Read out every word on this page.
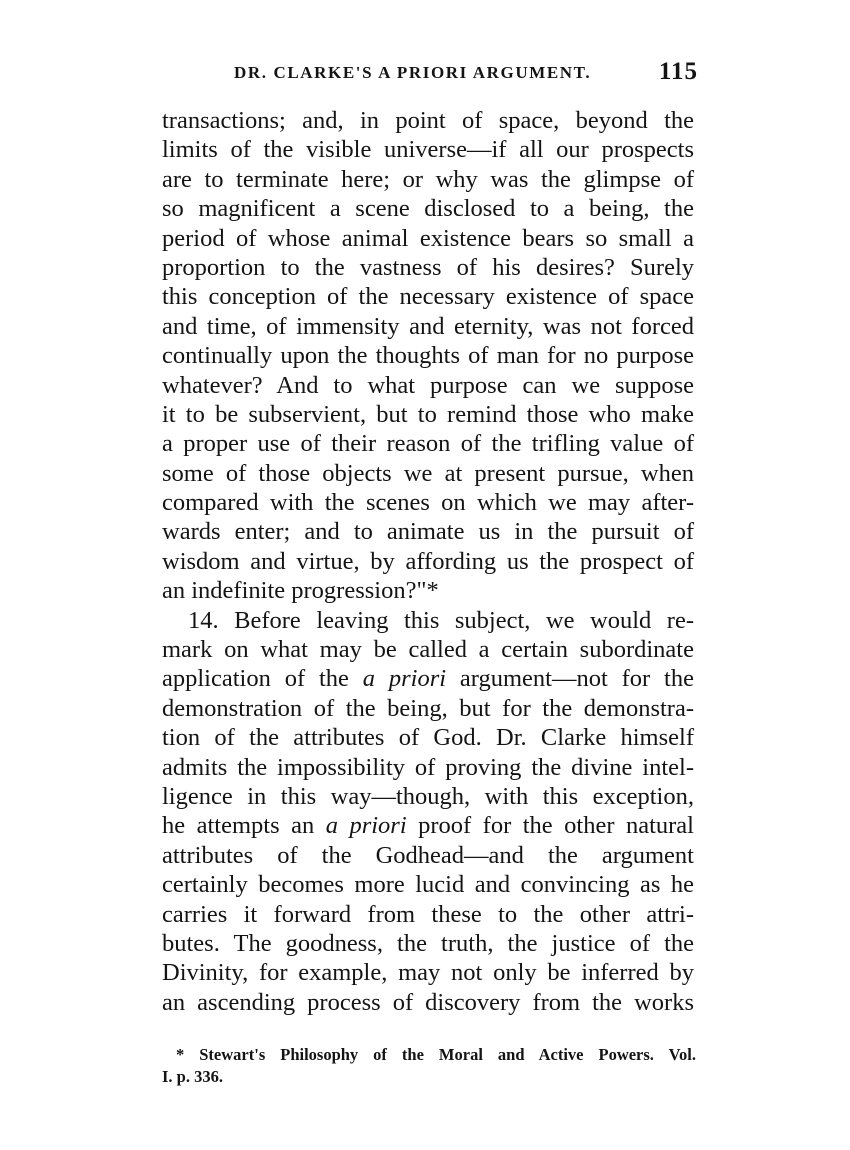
DR. CLARKE'S A PRIORI ARGUMENT.	115
transactions; and, in point of space, beyond the
limits of the visible universe—if all our prospects
are to terminate here; or why was the glimpse of
so magnificent a scene disclosed to a being, the
period of whose animal existence bears so small a
proportion to the vastness of his desires? Surely
this conception of the necessary existence of space
and time, of immensity and eternity, was not forced
continually upon the thoughts of man for no purpose
whatever? And to what purpose can we suppose
it to be subservient, but to remind those who make
a proper use of their reason of the trifling value of
some of those objects we at present pursue, when
compared with the scenes on which we may after-
wards enter; and to animate us in the pursuit of
wisdom and virtue, by affording us the prospect of
an indefinite progression?"*
14. Before leaving this subject, we would re-
mark on what may be called a certain subordinate
application of the a priori argument—not for the
demonstration of the being, but for the demonstra-
tion of the attributes of God. Dr. Clarke himself
admits the impossibility of proving the divine intel-
ligence in this way—though, with this exception,
he attempts an a priori proof for the other natural
attributes of the Godhead—and the argument
certainly becomes more lucid and convincing as he
carries it forward from these to the other attri-
butes. The goodness, the truth, the justice of the
Divinity, for example, may not only be inferred by
an ascending process of discovery from the works
* Stewart's Philosophy of the Moral and Active Powers. Vol.
I. p. 336.
